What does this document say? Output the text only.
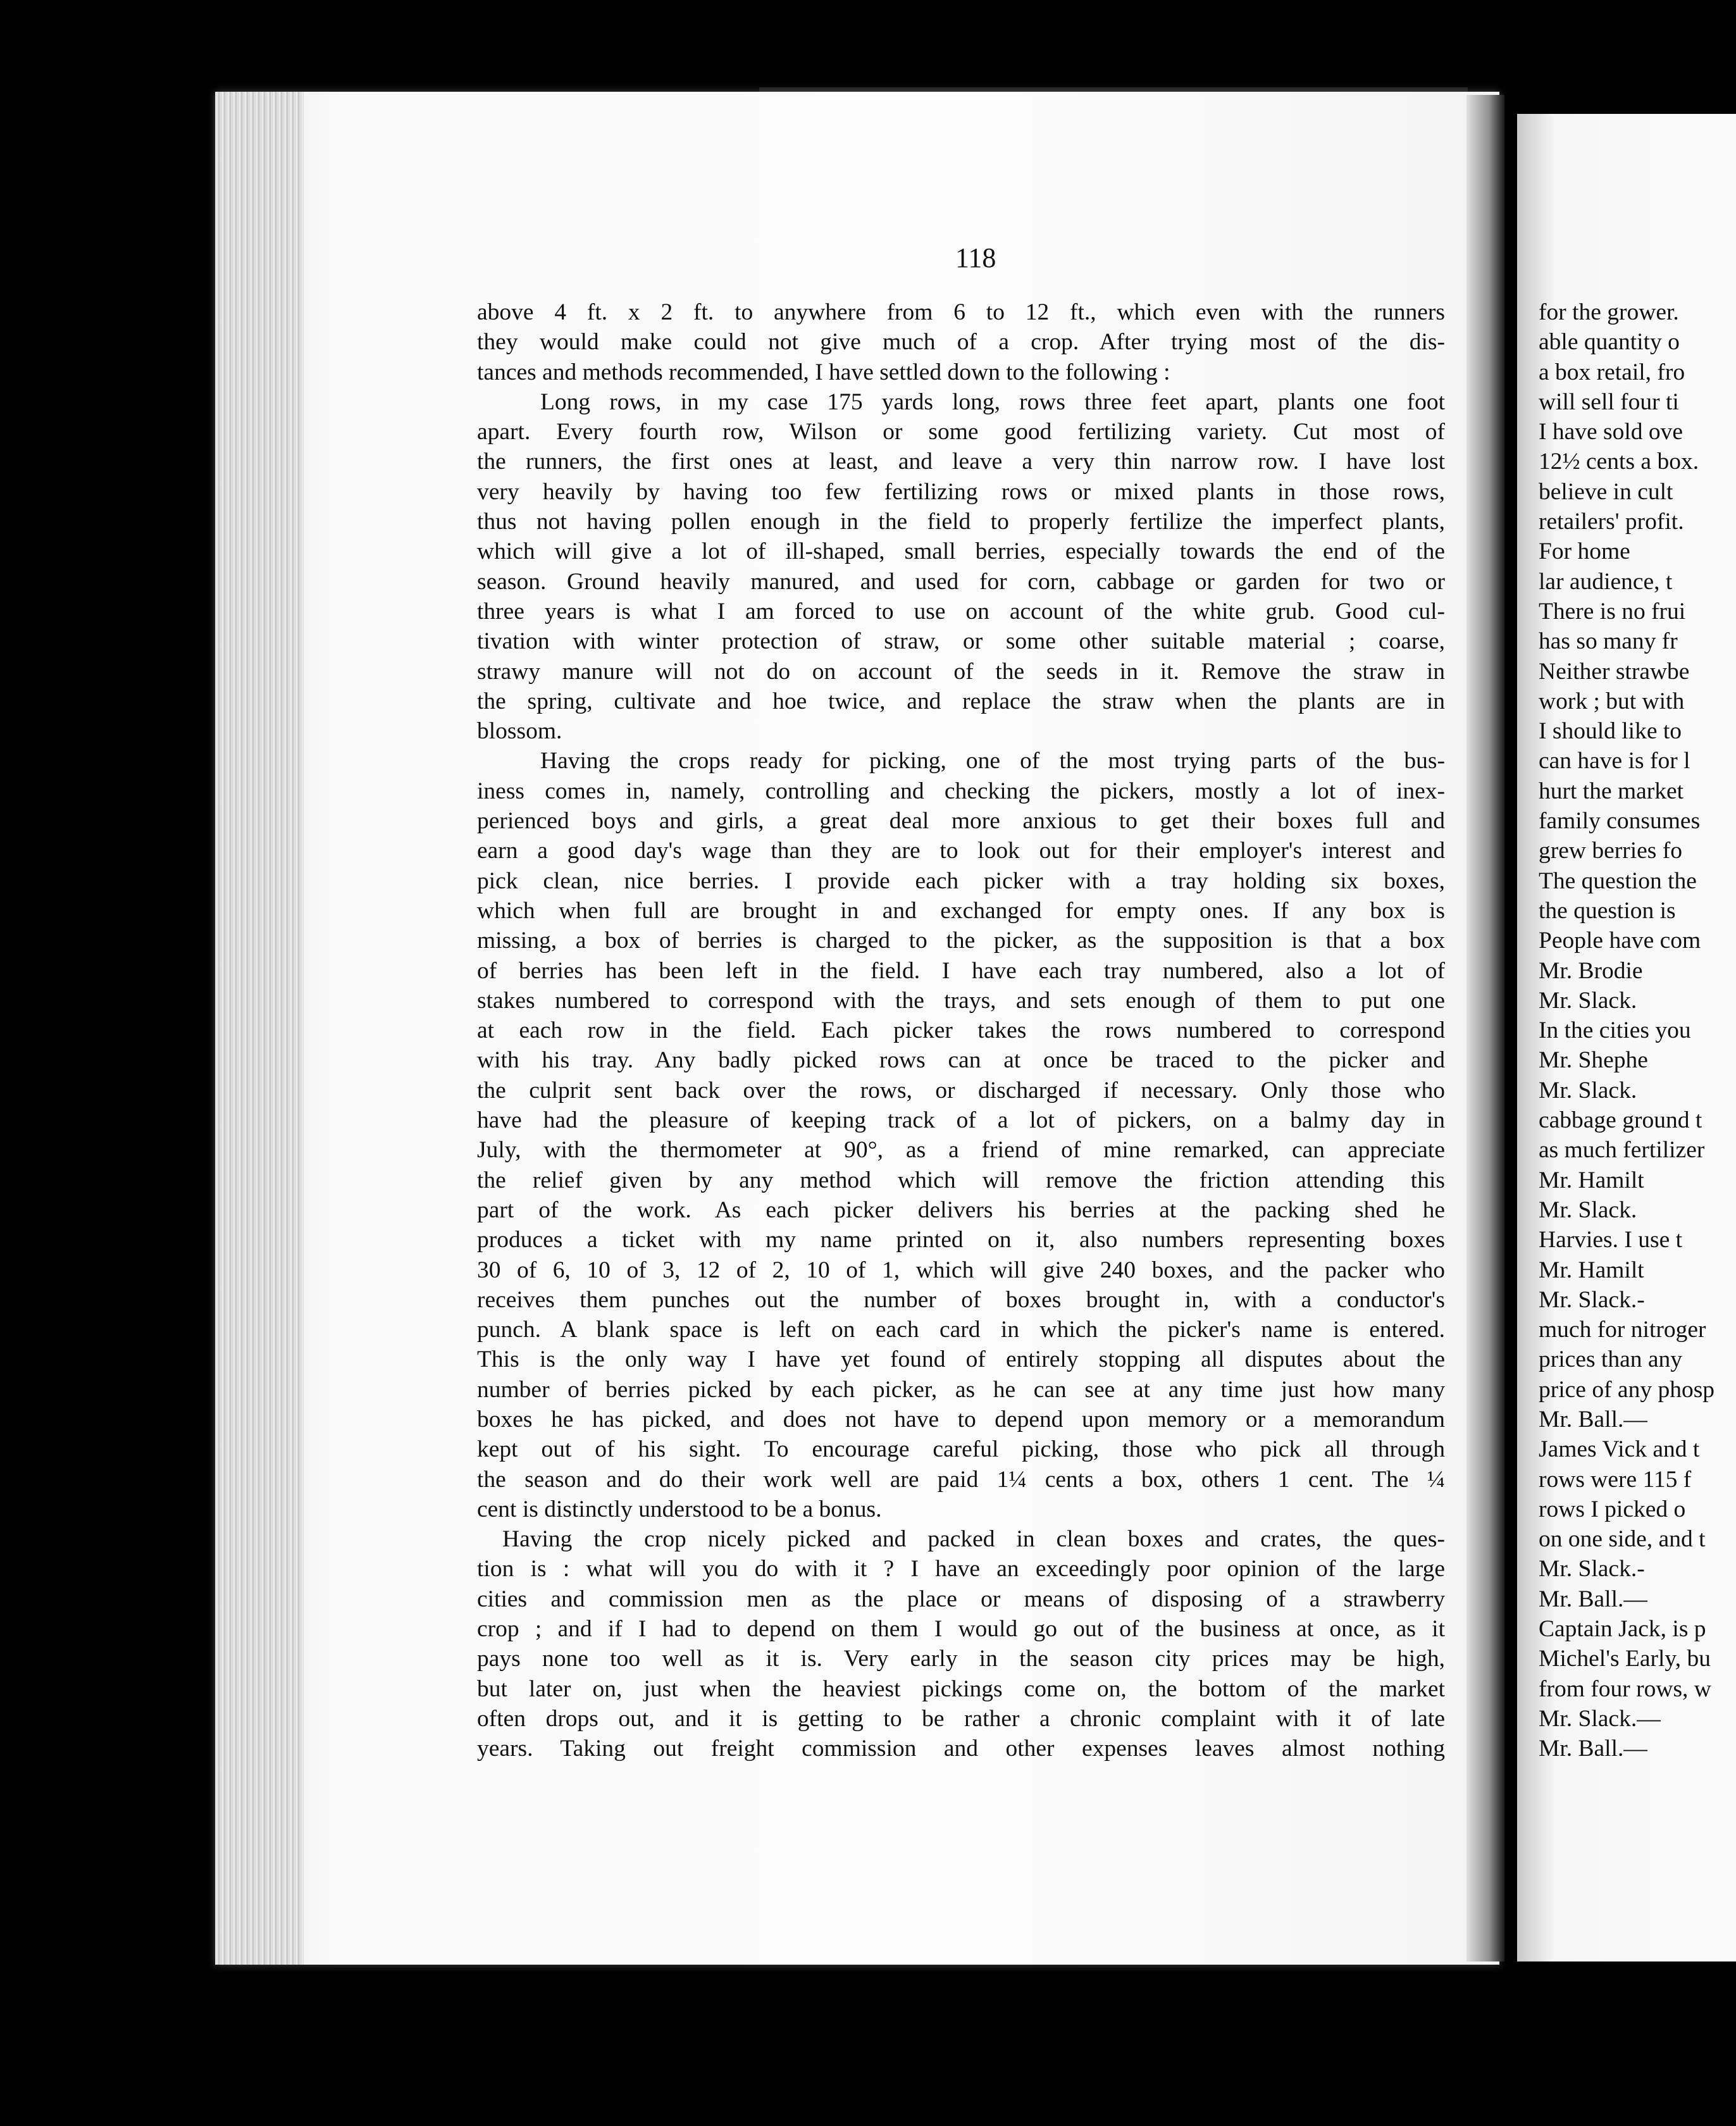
118
above 4 ft. x 2 ft. to anywhere from 6 to 12 ft., which even with the runners
they would make could not give much of a crop. After trying most of the dis-
tances and methods recommended, I have settled down to the following :
Long rows, in my case 175 yards long, rows three feet apart, plants one foot
apart. Every fourth row, Wilson or some good fertilizing variety. Cut most of
the runners, the first ones at least, and leave a very thin narrow row. I have lost
very heavily by having too few fertilizing rows or mixed plants in those rows,
thus not having pollen enough in the field to properly fertilize the imperfect plants,
which will give a lot of ill-shaped, small berries, especially towards the end of the
season. Ground heavily manured, and used for corn, cabbage or garden for two or
three years is what I am forced to use on account of the white grub. Good cul-
tivation with winter protection of straw, or some other suitable material ; coarse,
strawy manure will not do on account of the seeds in it. Remove the straw in
the spring, cultivate and hoe twice, and replace the straw when the plants are in
blossom.
Having the crops ready for picking, one of the most trying parts of the bus-
iness comes in, namely, controlling and checking the pickers, mostly a lot of inex-
perienced boys and girls, a great deal more anxious to get their boxes full and
earn a good day's wage than they are to look out for their employer's interest and
pick clean, nice berries. I provide each picker with a tray holding six boxes,
which when full are brought in and exchanged for empty ones. If any box is
missing, a box of berries is charged to the picker, as the supposition is that a box
of berries has been left in the field. I have each tray numbered, also a lot of
stakes numbered to correspond with the trays, and sets enough of them to put one
at each row in the field. Each picker takes the rows numbered to correspond
with his tray. Any badly picked rows can at once be traced to the picker and
the culprit sent back over the rows, or discharged if necessary. Only those who
have had the pleasure of keeping track of a lot of pickers, on a balmy day in
July, with the thermometer at 90°, as a friend of mine remarked, can appreciate
the relief given by any method which will remove the friction attending this
part of the work. As each picker delivers his berries at the packing shed he
produces a ticket with my name printed on it, also numbers representing boxes
30 of 6, 10 of 3, 12 of 2, 10 of 1, which will give 240 boxes, and the packer who
receives them punches out the number of boxes brought in, with a conductor's
punch. A blank space is left on each card in which the picker's name is entered.
This is the only way I have yet found of entirely stopping all disputes about the
number of berries picked by each picker, as he can see at any time just how many
boxes he has picked, and does not have to depend upon memory or a memorandum
kept out of his sight. To encourage careful picking, those who pick all through
the season and do their work well are paid 1¼ cents a box, others 1 cent. The ¼
cent is distinctly understood to be a bonus.
Having the crop nicely picked and packed in clean boxes and crates, the ques-
tion is : what will you do with it ? I have an exceedingly poor opinion of the large
cities and commission men as the place or means of disposing of a strawberry
crop ; and if I had to depend on them I would go out of the business at once, as it
pays none too well as it is. Very early in the season city prices may be high,
but later on, just when the heaviest pickings come on, the bottom of the market
often drops out, and it is getting to be rather a chronic complaint with it of late
years. Taking out freight commission and other expenses leaves almost nothing
for the grower.
able quantity o
a box retail, fro
will sell four ti
I have sold ove
12½ cents a box.
believe in cult
retailers' profit.
For home
lar audience, t
There is no frui
has so many fr
Neither strawbe
work ; but with
I should like to
can have is for l
hurt the market
family consumes
grew berries fo
The question the
the question is
People have com
Mr. Brodie
Mr. Slack.
In the cities you
Mr. Shephe
Mr. Slack.
cabbage ground t
as much fertilizer
Mr. Hamilt
Mr. Slack.
Harvies. I use t
Mr. Hamilt
Mr. Slack.-
much for nitroger
prices than any
price of any phosp
Mr. Ball.—
James Vick and t
rows were 115 f
rows I picked o
on one side, and t
Mr. Slack.-
Mr. Ball.—
Captain Jack, is p
Michel's Early, bu
from four rows, w
Mr. Slack.—
Mr. Ball.—
